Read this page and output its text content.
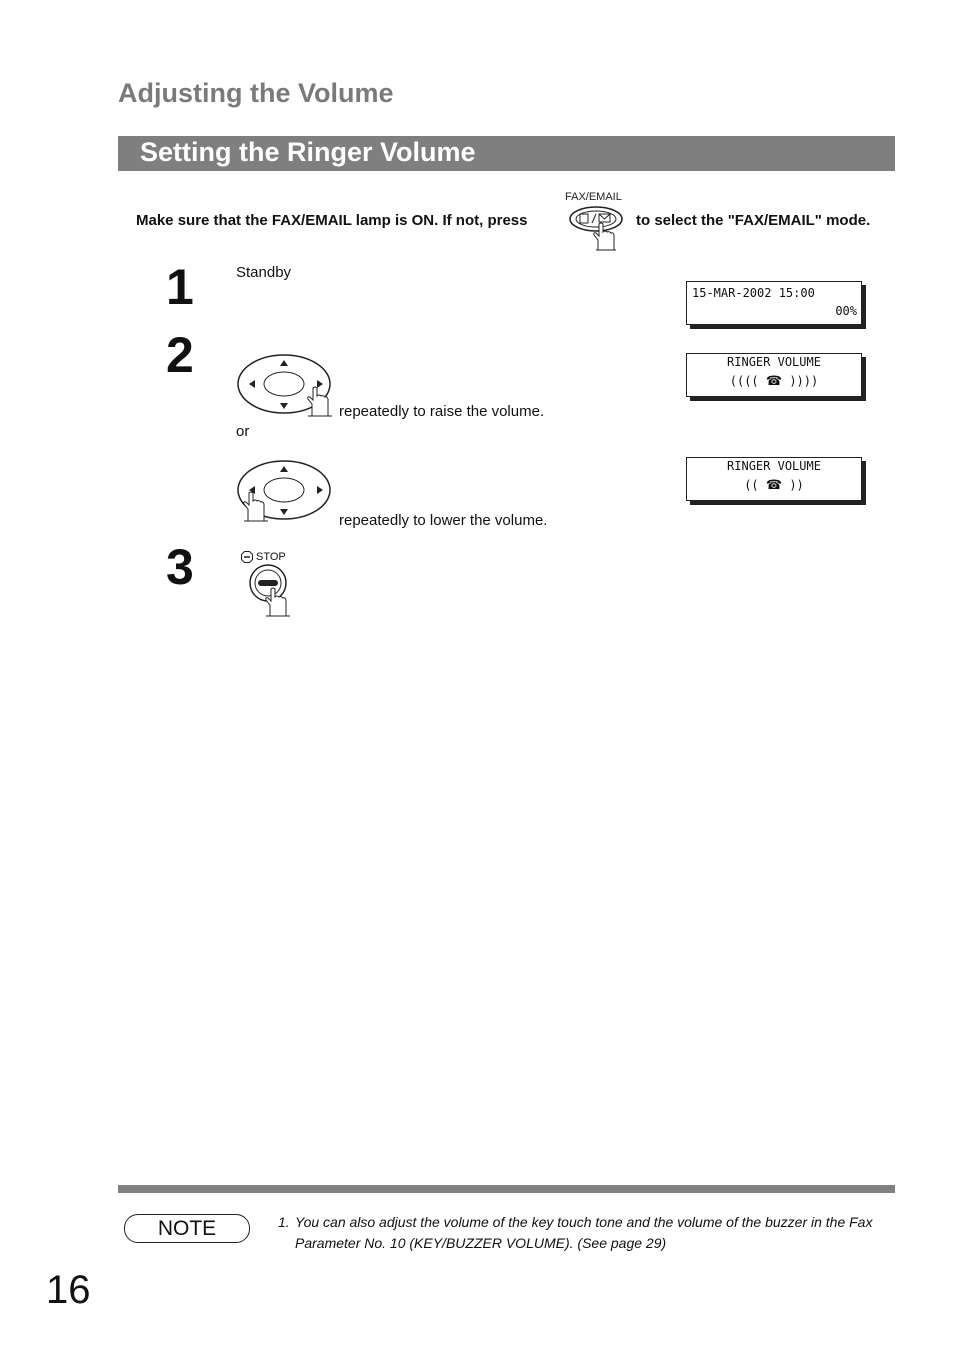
Adjusting the Volume
Setting the Ringer Volume
Make sure that the FAX/EMAIL lamp is ON. If not, press
FAX/EMAIL
to select the "FAX/EMAIL" mode.
1	Standby
15-MAR-2002 15:00
00%
2
repeatedly to raise the volume.
or
RINGER VOLUME
(((( ☎ ))))
repeatedly to lower the volume.
RINGER VOLUME
(( ☎ ))
3	STOP
NOTE	1. You can also adjust the volume of the key touch tone and the volume of the buzzer in the Fax Parameter No. 10 (KEY/BUZZER VOLUME). (See page 29)
16
